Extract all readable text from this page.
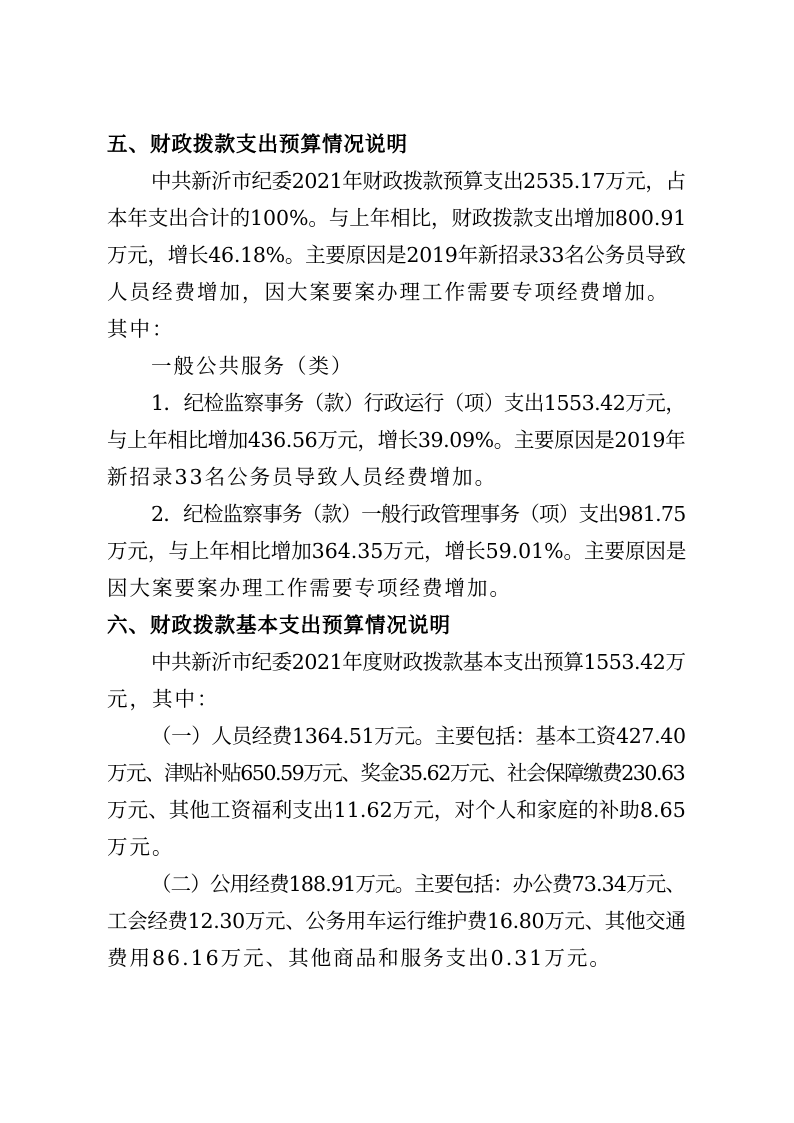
五、财政拨款支出预算情况说明
中共新沂市纪委2021年财政拨款预算支出2535.17万元，占
本年支出合计的100%。与上年相比，财政拨款支出增加800.91
万元，增长46.18%。主要原因是2019年新招录33名公务员导致
人员经费增加，因大案要案办理工作需要专项经费增加。
其中：
一般公共服务（类）
1．纪检监察事务（款）行政运行（项）支出1553.42万元，
与上年相比增加436.56万元，增长39.09%。主要原因是2019年
新招录33名公务员导致人员经费增加。
2．纪检监察事务（款）一般行政管理事务（项）支出981.75
万元，与上年相比增加364.35万元，增长59.01%。主要原因是
因大案要案办理工作需要专项经费增加。
六、财政拨款基本支出预算情况说明
中共新沂市纪委2021年度财政拨款基本支出预算1553.42万
元，其中：
（一）人员经费1364.51万元。主要包括：基本工资427.40
万元、津贴补贴650.59万元、奖金35.62万元、社会保障缴费230.63
万元、其他工资福利支出11.62万元，对个人和家庭的补助8.65
万元。
（二）公用经费188.91万元。主要包括：办公费73.34万元、
工会经费12.30万元、公务用车运行维护费16.80万元、其他交通
费用86.16万元、其他商品和服务支出0.31万元。
